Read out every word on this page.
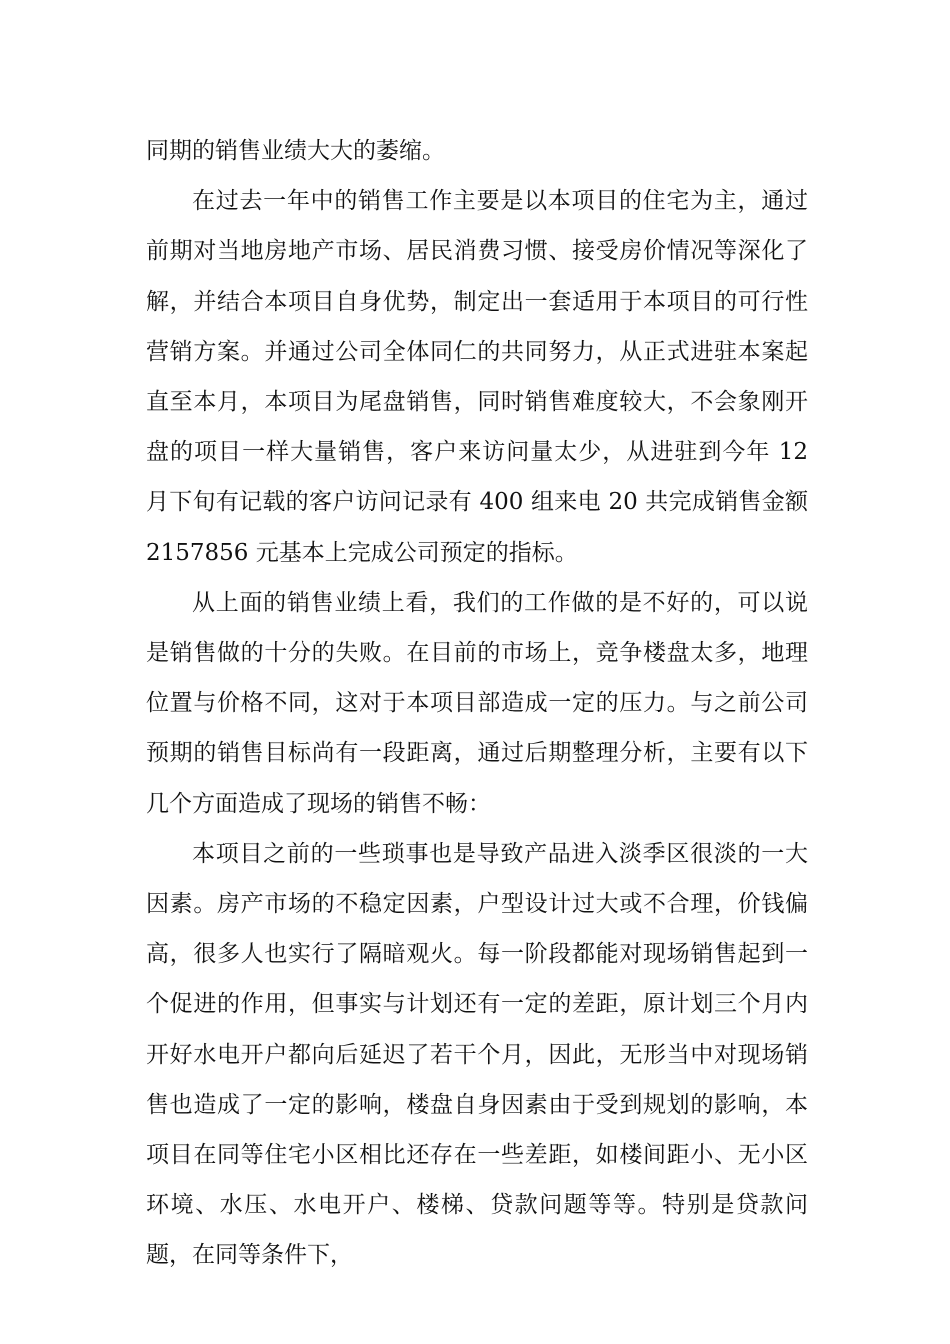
同期的销售业绩大大的萎缩。

在过去一年中的销售工作主要是以本项目的住宅为主，通过前期对当地房地产市场、居民消费习惯、接受房价情况等深化了解，并结合本项目自身优势，制定出一套适用于本项目的可行性营销方案。并通过公司全体同仁的共同努力，从正式进驻本案起直至本月，本项目为尾盘销售，同时销售难度较大，不会象刚开盘的项目一样大量销售，客户来访问量太少，从进驻到今年 12 月下旬有记载的客户访问记录有 400 组来电 20 共完成销售金额 2157856 元基本上完成公司预定的指标。

从上面的销售业绩上看，我们的工作做的是不好的，可以说是销售做的十分的失败。在目前的市场上，竞争楼盘太多，地理位置与价格不同，这对于本项目部造成一定的压力。与之前公司预期的销售目标尚有一段距离，通过后期整理分析，主要有以下几个方面造成了现场的销售不畅：

本项目之前的一些琐事也是导致产品进入淡季区很淡的一大因素。房产市场的不稳定因素，户型设计过大或不合理，价钱偏高，很多人也实行了隔暗观火。每一阶段都能对现场销售起到一个促进的作用，但事实与计划还有一定的差距，原计划三个月内开好水电开户都向后延迟了若干个月，因此，无形当中对现场销售也造成了一定的影响，楼盘自身因素由于受到规划的影响，本项目在同等住宅小区相比还存在一些差距，如楼间距小、无小区环境、水压、水电开户、楼梯、贷款问题等等。特别是贷款问题，在同等条件下，
